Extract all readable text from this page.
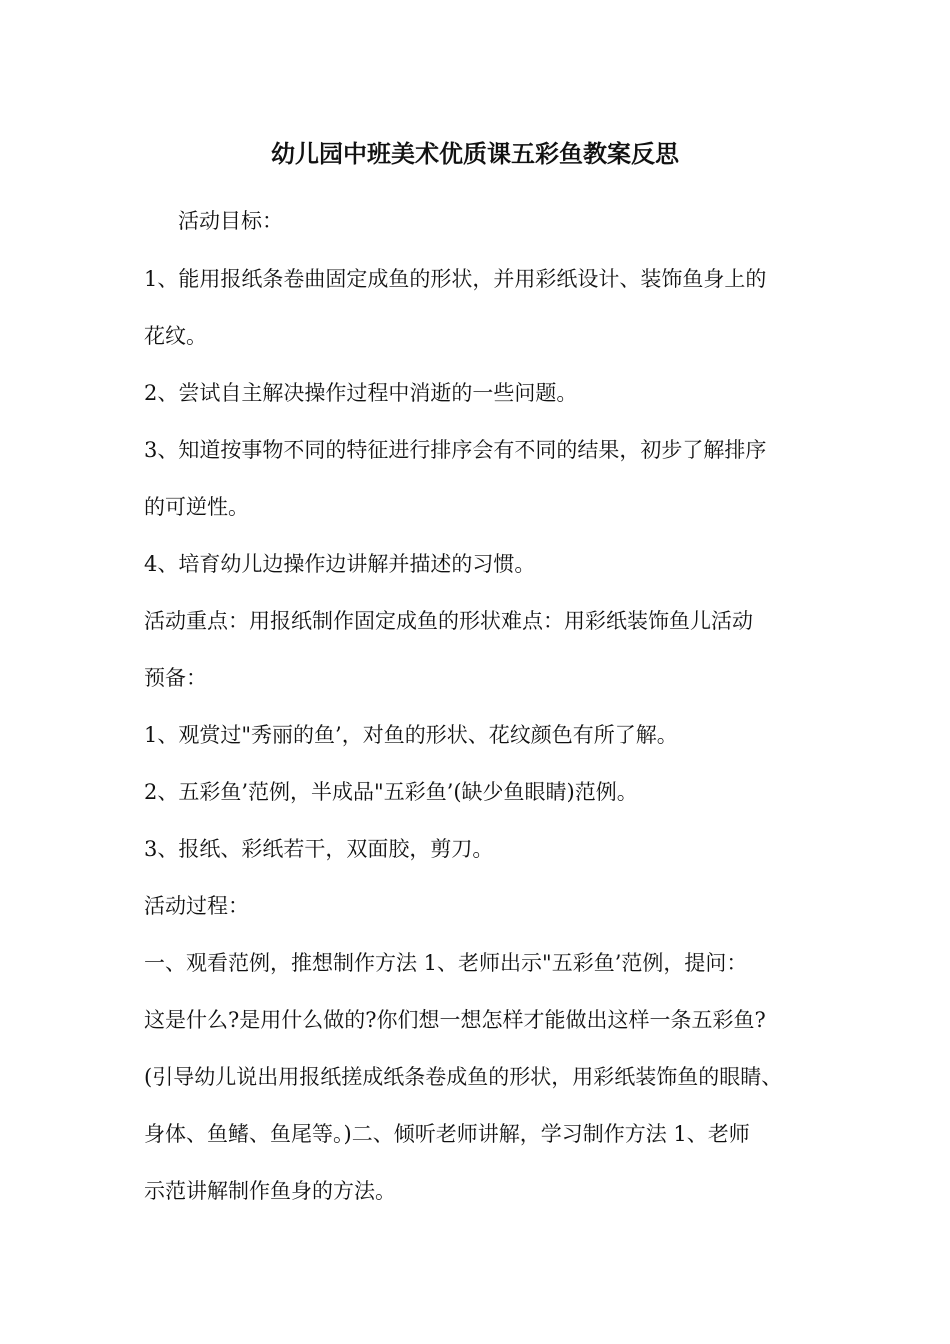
幼儿园中班美术优质课五彩鱼教案反思
活动目标：
1、能用报纸条卷曲固定成鱼的形状，并用彩纸设计、装饰鱼身上的
花纹。
2、尝试自主解决操作过程中消逝的一些问题。
3、知道按事物不同的特征进行排序会有不同的结果，初步了解排序
的可逆性。
4、培育幼儿边操作边讲解并描述的习惯。
活动重点：用报纸制作固定成鱼的形状难点：用彩纸装饰鱼儿活动
预备：
1、观赏过"秀丽的鱼’，对鱼的形状、花纹颜色有所了解。
2、五彩鱼’范例，半成品"五彩鱼’(缺少鱼眼睛)范例。
3、报纸、彩纸若干，双面胶，剪刀。
活动过程：
一、观看范例，推想制作方法 1、老师出示"五彩鱼’范例，提问：
这是什么?是用什么做的?你们想一想怎样才能做出这样一条五彩鱼?
(引导幼儿说出用报纸搓成纸条卷成鱼的形状，用彩纸装饰鱼的眼睛、
身体、鱼鳍、鱼尾等。)二、倾听老师讲解，学习制作方法 1、老师
示范讲解制作鱼身的方法。
